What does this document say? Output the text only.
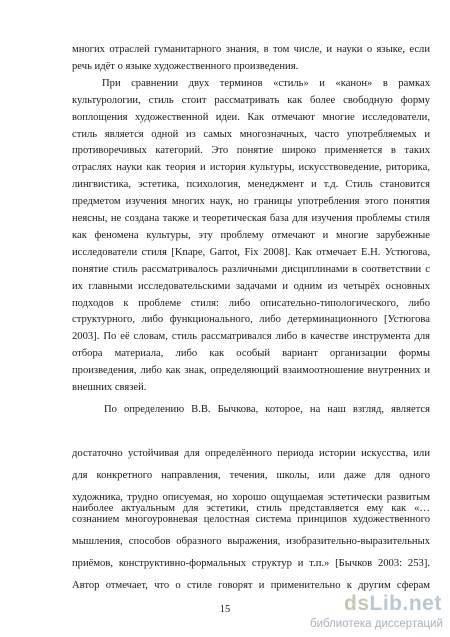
многих отраслей гуманитарного знания, в том числе, и науки о языке, если
речь идёт о языке художественного произведения.
При сравнении двух терминов «стиль» и «канон» в рамках
культурологии, стиль стоит рассматривать как более свободную форму
воплощения художественной идеи. Как отмечают многие исследователи,
стиль является одной из самых многозначных, часто употребляемых и
противоречивых категорий. Это понятие широко применяется в таких
отраслях науки как теория и история культуры, искусствоведение, риторика,
лингвистика, эстетика, психология, менеджмент и т.д. Стиль становится
предметом изучения многих наук, но границы употребления этого понятия
неясны, не создана также и теоретическая база для изучения проблемы стиля
как феномена культуры, эту проблему отмечают и многие зарубежные
исследователи стиля [Knape, Garrot, Fix 2008]. Как отмечает Е.Н. Устюгова,
понятие стиль рассматривалось различными дисциплинами в соответствии с
их главными исследовательскими задачами и одним из четырёх основных
подходов к проблеме стиля: либо описательно-типологического, либо
структурного, либо функционального, либо детерминационного [Устюгова
2003]. По её словам, стиль рассматривался либо в качестве инструмента для
отбора материала, либо как особый вариант организации формы
произведения, либо как знак, определяющий взаимоотношение внутренних и
внешних связей.
По определению В.В. Бычкова, которое, на наш взгляд, является
наиболее актуальным для эстетики, стиль представляется ему как «…
достаточно устойчивая для определённого периода истории искусства, или
для конкретного направления, течения, школы, или даже для одного
художника, трудно описуемая, но хорошо ощущаемая эстетически развитым
сознанием многоуровневая целостная система принципов художественного
мышления, способов образного выражения, изобразительно-выразительных
приёмов, конструктивно-формальных структур и т.п.» [Бычков 2003: 253].
Автор отмечает, что о стиле говорят и применительно к другим сферам
15	dsLib.net
библиотека диссертаций
